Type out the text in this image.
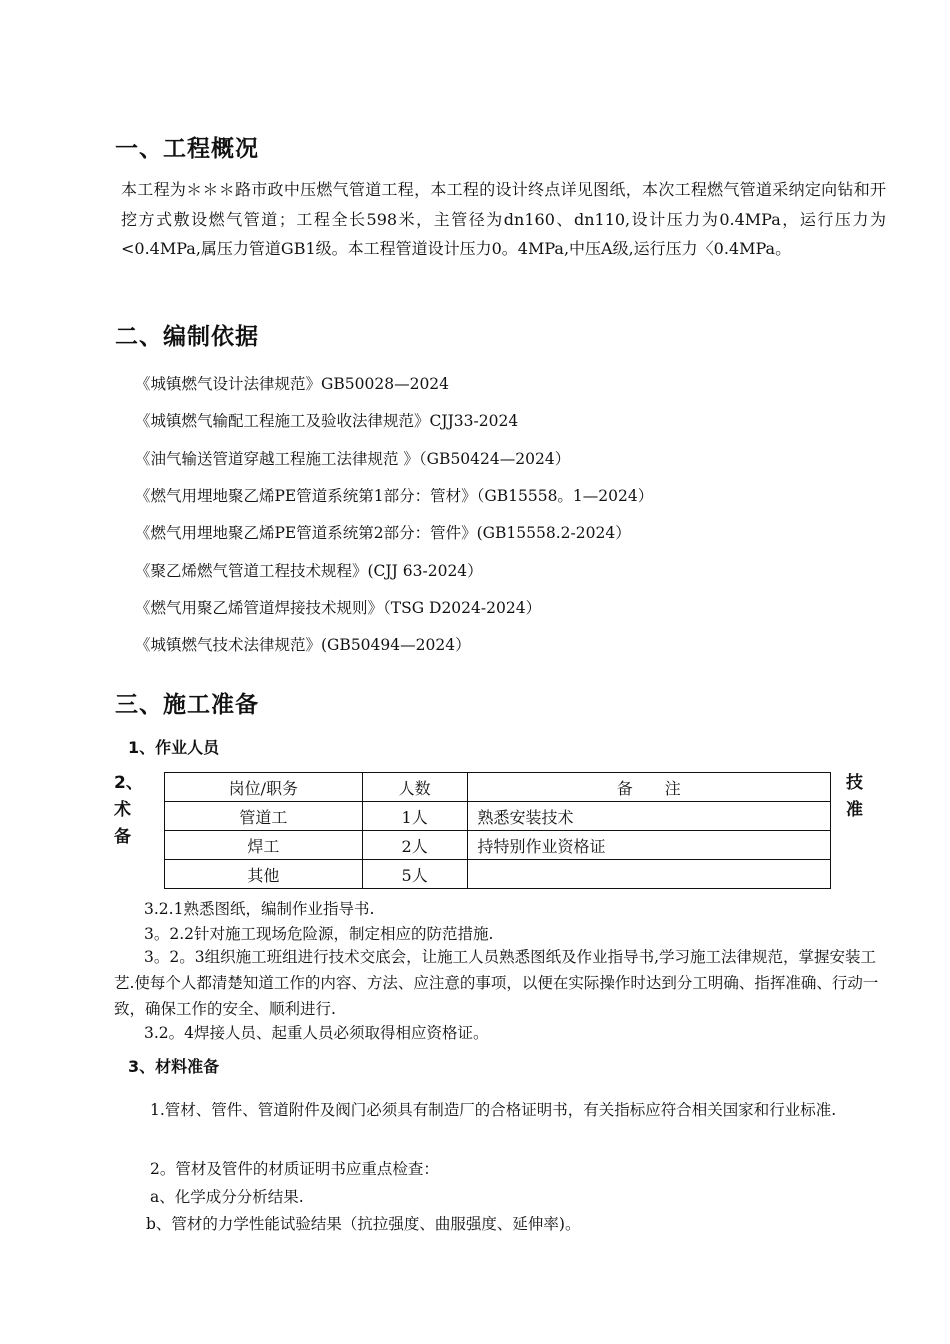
一、工程概况
本工程为＊＊＊路市政中压燃气管道工程，本工程的设计终点详见图纸，本次工程燃气管道采纳定向钻和开挖方式敷设燃气管道；工程全长598米，主管径为dn160、dn110,设计压力为0.4MPa，运行压力为<0.4MPa,属压力管道GB1级。本工程管道设计压力0。4MPa,中压A级,运行压力〈0.4MPa。
二、编制依据
《城镇燃气设计法律规范》GB50028—2024
《城镇燃气输配工程施工及验收法律规范》CJJ33-2024
《油气输送管道穿越工程施工法律规范 》（GB50424—2024）
《燃气用埋地聚乙烯PE管道系统第1部分：管材》（GB15558。1—2024）
《燃气用埋地聚乙烯PE管道系统第2部分：管件》(GB15558.2-2024）
《聚乙烯燃气管道工程技术规程》(CJJ 63-2024）
《燃气用聚乙烯管道焊接技术规则》（TSG D2024-2024）
《城镇燃气技术法律规范》(GB50494—2024）
三、施工准备
1、作业人员
2、
术
备
技
准
岗位/职务	人数	备　　注
管道工	1人	熟悉安装技术
焊工	2人	持特别作业资格证
其他	5人	
3.2.1熟悉图纸，编制作业指导书.
3。2.2针对施工现场危险源，制定相应的防范措施.
3。2。3组织施工班组进行技术交底会，让施工人员熟悉图纸及作业指导书,学习施工法律规范，掌握安装工艺.使每个人都清楚知道工作的内容、方法、应注意的事项，以便在实际操作时达到分工明确、指挥准确、行动一致，确保工作的安全、顺利进行.
3.2。4焊接人员、起重人员必须取得相应资格证。
3、材料准备
1.管材、管件、管道附件及阀门必须具有制造厂的合格证明书，有关指标应符合相关国家和行业标准.
2。管材及管件的材质证明书应重点检查：
a、化学成分分析结果.
b、管材的力学性能试验结果（抗拉强度、曲服强度、延伸率)。
